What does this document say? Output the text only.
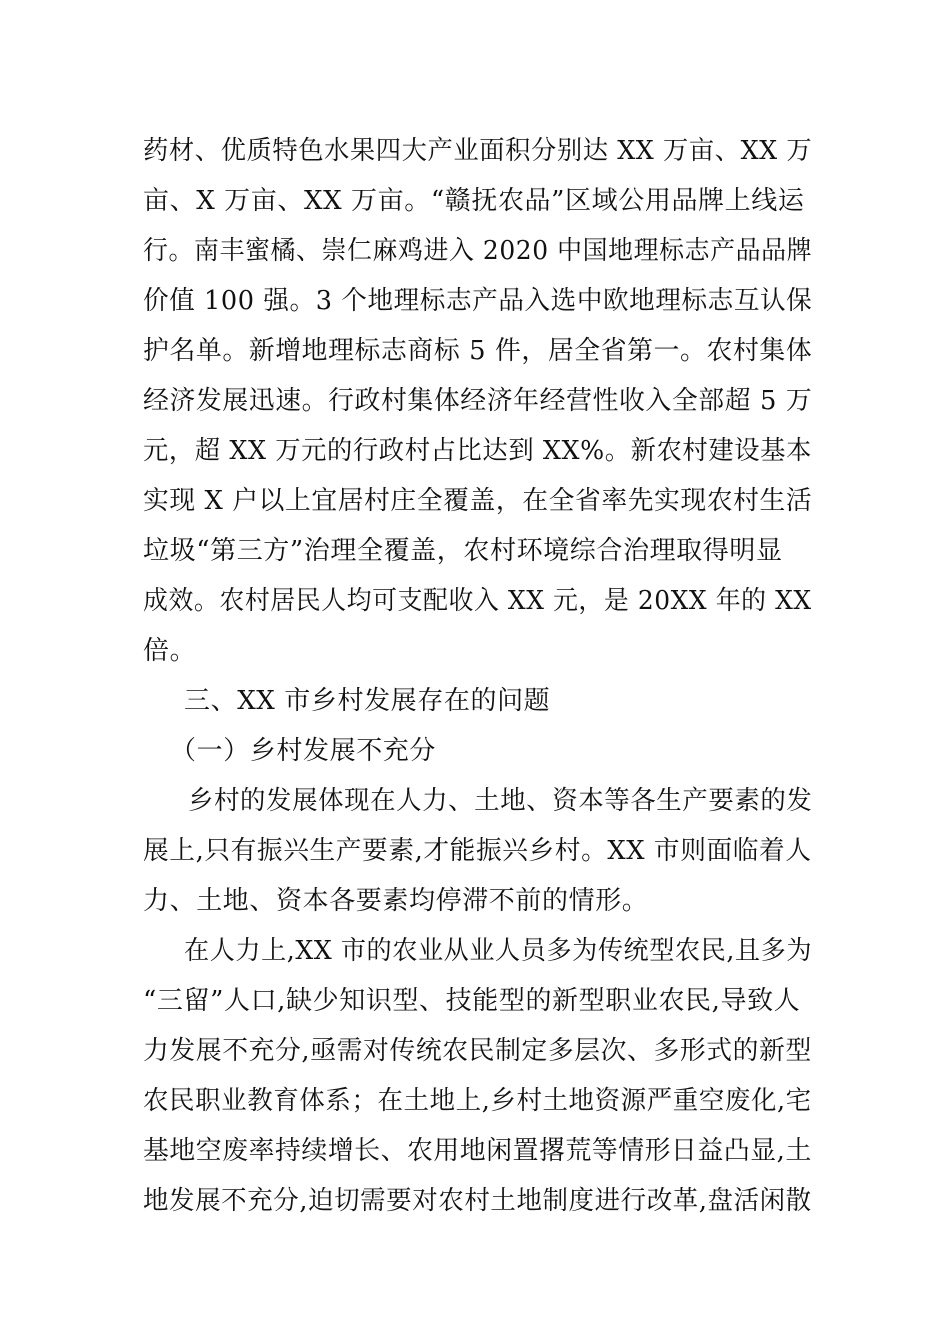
药材、优质特色水果四大产业面积分别达 XX 万亩、XX 万
亩、X 万亩、XX 万亩。“赣抚农品”区域公用品牌上线运
行。南丰蜜橘、崇仁麻鸡进入 2020 中国地理标志产品品牌
价值 100 强。3 个地理标志产品入选中欧地理标志互认保
护名单。新增地理标志商标 5 件，居全省第一。农村集体
经济发展迅速。行政村集体经济年经营性收入全部超 5 万
元，超 XX 万元的行政村占比达到 XX%。新农村建设基本
实现 X 户以上宜居村庄全覆盖，在全省率先实现农村生活
垃圾“第三方”治理全覆盖，农村环境综合治理取得明显
成效。农村居民人均可支配收入 XX 元，是 20XX 年的 XX
倍。
三、XX 市乡村发展存在的问题
（一）乡村发展不充分
乡村的发展体现在人力、土地、资本等各生产要素的发
展上,只有振兴生产要素,才能振兴乡村。XX 市则面临着人
力、土地、资本各要素均停滞不前的情形。
在人力上,XX 市的农业从业人员多为传统型农民,且多为
“三留”人口,缺少知识型、技能型的新型职业农民,导致人
力发展不充分,亟需对传统农民制定多层次、多形式的新型
农民职业教育体系；在土地上,乡村土地资源严重空废化,宅
基地空废率持续增长、农用地闲置撂荒等情形日益凸显,土
地发展不充分,迫切需要对农村土地制度进行改革,盘活闲散
